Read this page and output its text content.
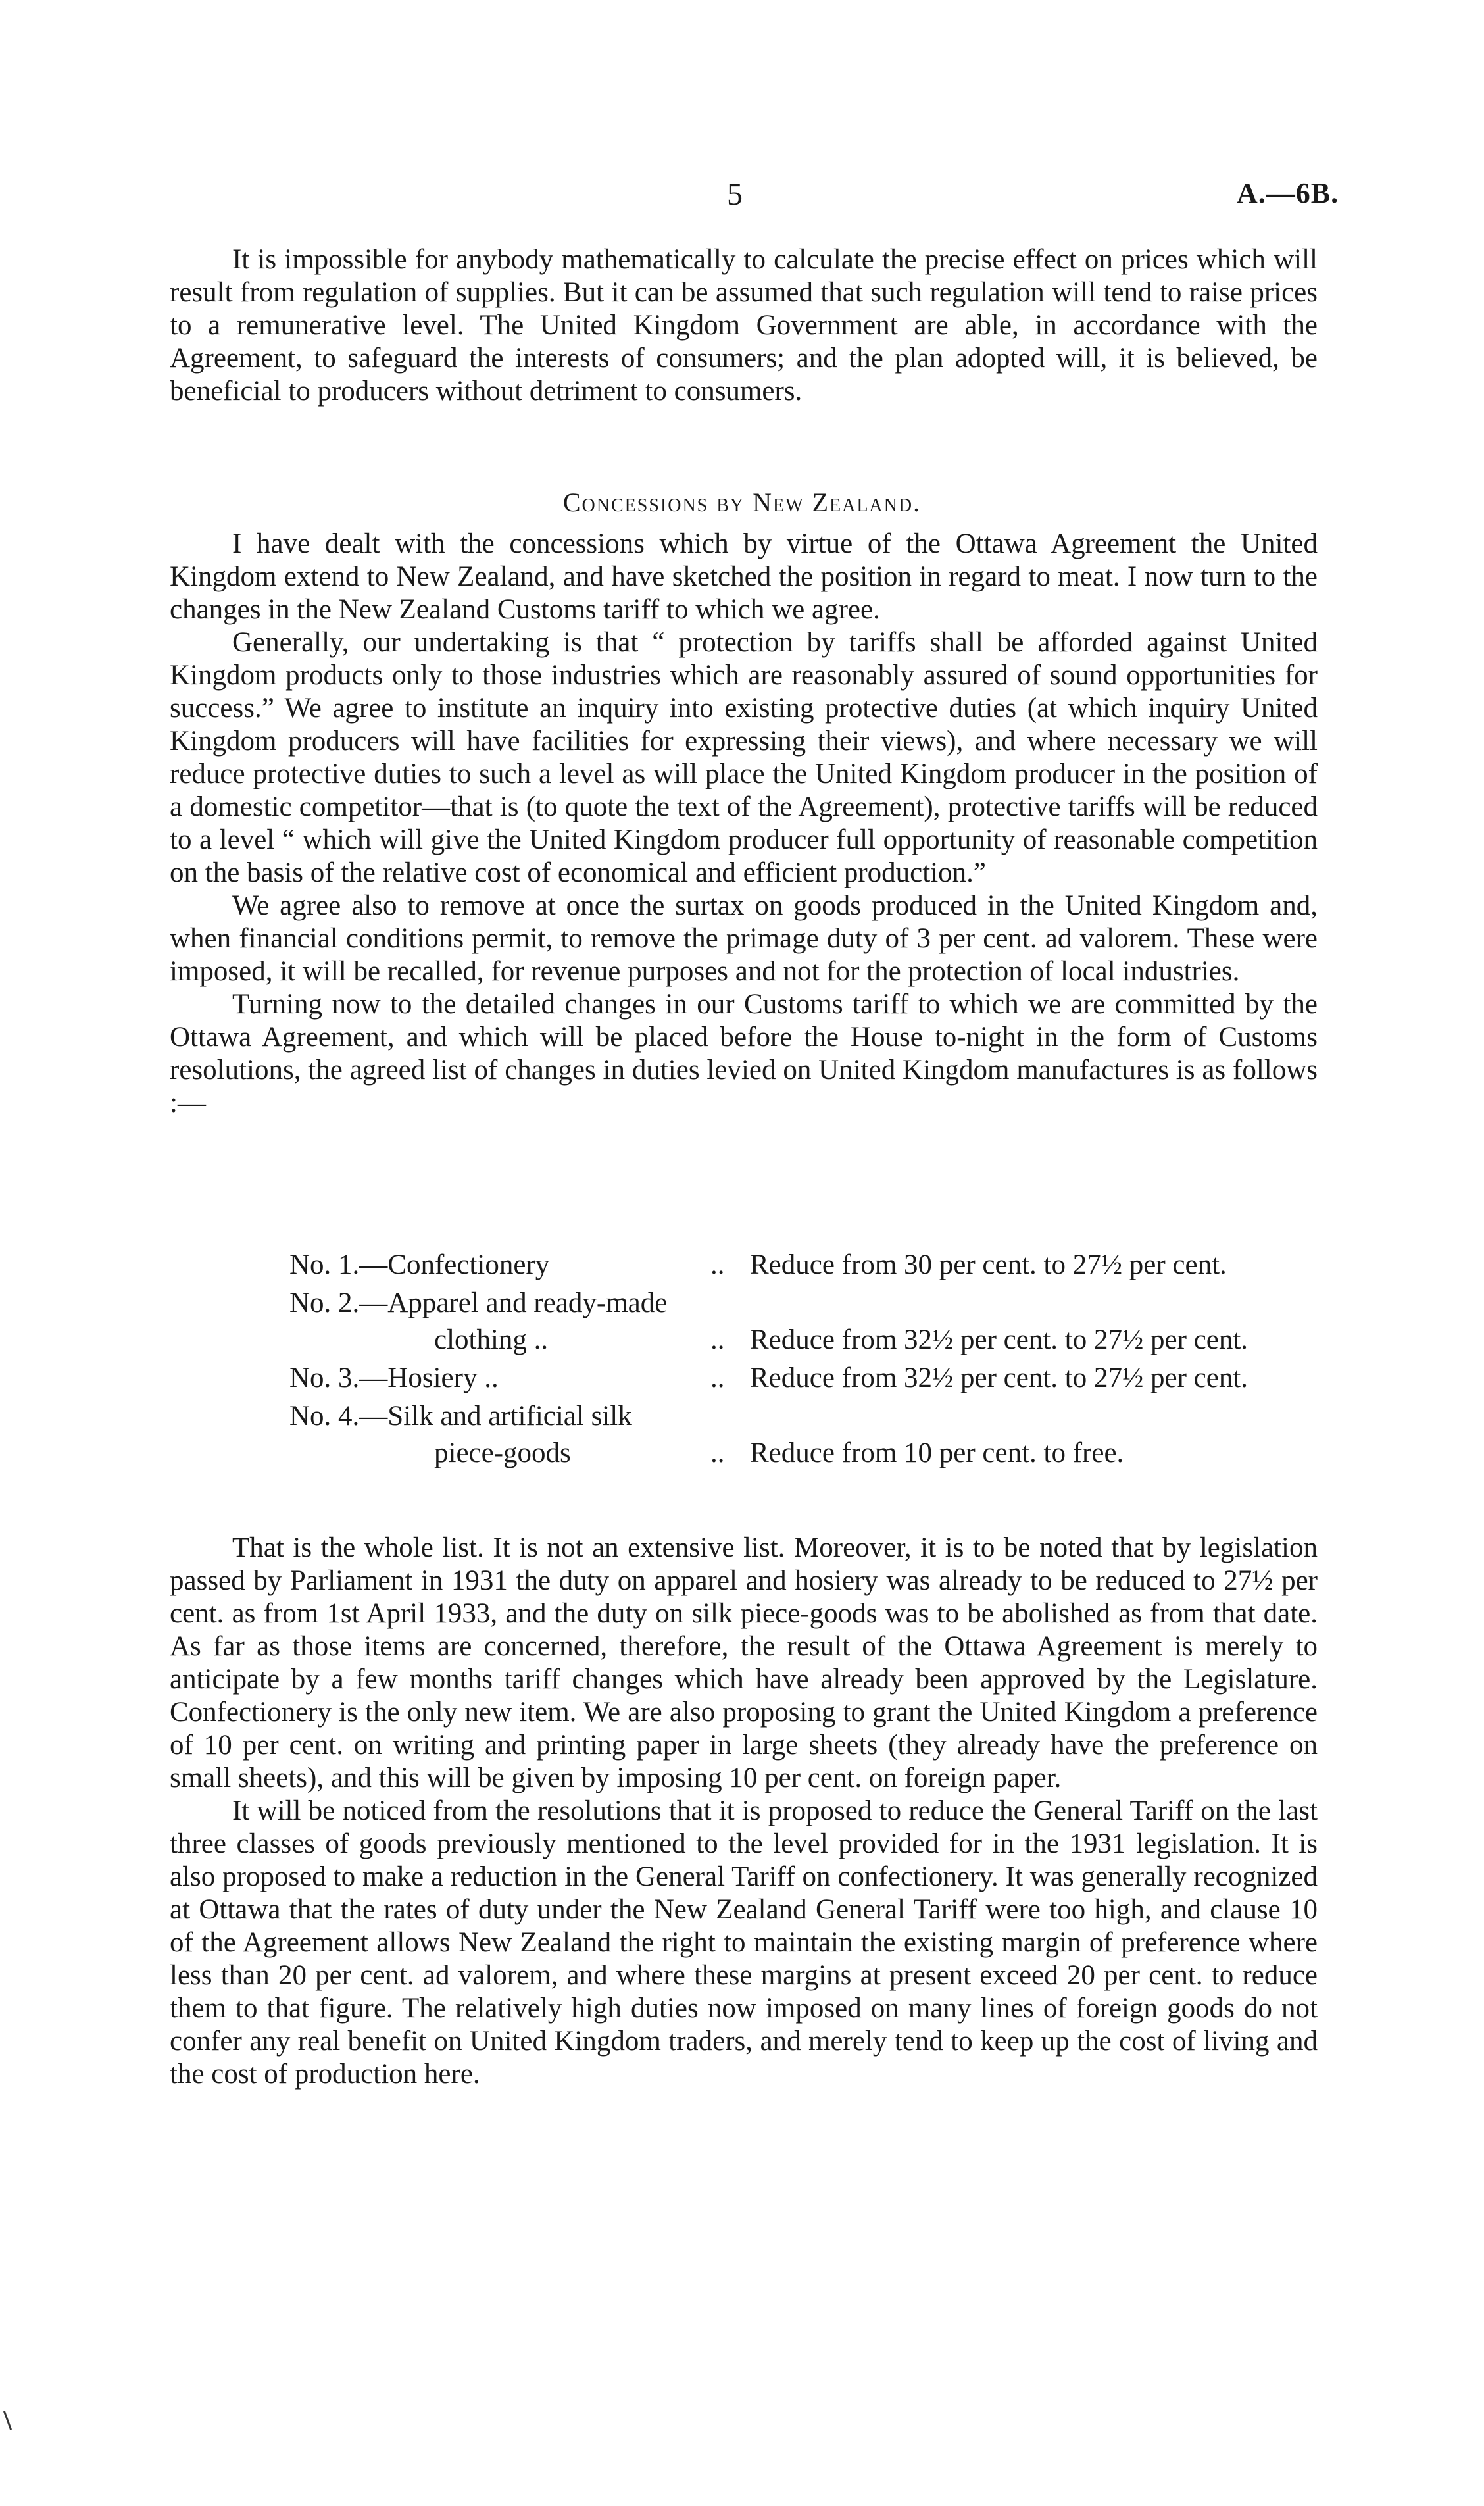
5	A.—6B.

It is impossible for anybody mathematically to calculate the precise effect on prices which will result from regulation of supplies. But it can be assumed that such regulation will tend to raise prices to a remunerative level. The United Kingdom Government are able, in accordance with the Agreement, to safeguard the interests of consumers; and the plan adopted will, it is believed, be beneficial to producers without detriment to consumers.

Concessions by New Zealand.

I have dealt with the concessions which by virtue of the Ottawa Agreement the United Kingdom extend to New Zealand, and have sketched the position in regard to meat. I now turn to the changes in the New Zealand Customs tariff to which we agree.

Generally, our undertaking is that “ protection by tariffs shall be afforded against United Kingdom products only to those industries which are reasonably assured of sound opportunities for success.” We agree to institute an inquiry into existing protective duties (at which inquiry United Kingdom producers will have facilities for expressing their views), and where necessary we will reduce protective duties to such a level as will place the United Kingdom producer in the position of a domestic competitor—that is (to quote the text of the Agreement), protective tariffs will be reduced to a level “ which will give the United Kingdom producer full opportunity of reasonable competition on the basis of the relative cost of economical and efficient production.”

We agree also to remove at once the surtax on goods produced in the United Kingdom and, when financial conditions permit, to remove the primage duty of 3 per cent. ad valorem. These were imposed, it will be recalled, for revenue purposes and not for the protection of local industries.

Turning now to the detailed changes in our Customs tariff to which we are committed by the Ottawa Agreement, and which will be placed before the House to-night in the form of Customs resolutions, the agreed list of changes in duties levied on United Kingdom manufactures is as follows :—

No. 1.—Confectionery	.. Reduce from 30 per cent. to 27½ per cent.
No. 2.—Apparel and ready-made
clothing ..	.. Reduce from 32½ per cent. to 27½ per cent.
No. 3.—Hosiery ..	.. Reduce from 32½ per cent. to 27½ per cent.
No. 4.—Silk and artificial silk
piece-goods	.. Reduce from 10 per cent. to free.

That is the whole list. It is not an extensive list. Moreover, it is to be noted that by legislation passed by Parliament in 1931 the duty on apparel and hosiery was already to be reduced to 27½ per cent. as from 1st April 1933, and the duty on silk piece-goods was to be abolished as from that date. As far as those items are concerned, therefore, the result of the Ottawa Agreement is merely to anticipate by a few months tariff changes which have already been approved by the Legislature. Confectionery is the only new item. We are also proposing to grant the United Kingdom a preference of 10 per cent. on writing and printing paper in large sheets (they already have the preference on small sheets), and this will be given by imposing 10 per cent. on foreign paper.

It will be noticed from the resolutions that it is proposed to reduce the General Tariff on the last three classes of goods previously mentioned to the level provided for in the 1931 legislation. It is also proposed to make a reduction in the General Tariff on confectionery. It was generally recognized at Ottawa that the rates of duty under the New Zealand General Tariff were too high, and clause 10 of the Agreement allows New Zealand the right to maintain the existing margin of preference where less than 20 per cent. ad valorem, and where these margins at present exceed 20 per cent. to reduce them to that figure. The relatively high duties now imposed on many lines of foreign goods do not confer any real benefit on United Kingdom traders, and merely tend to keep up the cost of living and the cost of production here.
